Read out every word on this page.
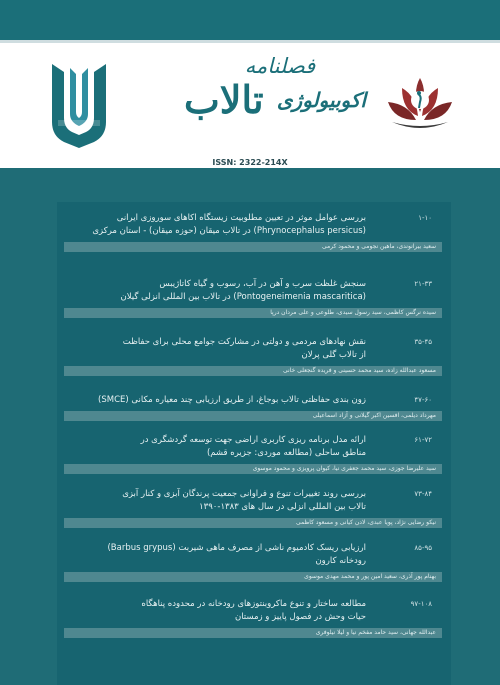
فصلنامه
$^{اکوبیولوژی}$ تالاب
ISSN: 2322-214X
۱-۱۰
بررسی عوامل موثر در تعیین مطلوبیت زیستگاه اکاهای سوروزی ایرانی
(Phrynocephalus persicus) در تالاب میقان (حوزه میقان) - استان مرکزی
سعید بیرانوندی، ماهین نجومی و محمود کرمی
۲۱-۳۳
سنجش غلظت سرب و آهن در آب، رسوب و گیاه کاتاژیبس
(Pontogeneimenia mascaritica) در تالاب بین المللی انزلی گیلان
سیده نرگس کاظمی، سید رسول سیدی، طلوعی و علی مردان درپا
۳۵-۴۵
نقش نهادهای مردمی و دولتی در مشارکت جوامع محلی برای حفاظت
از تالاب گلی پرلان
مسعود عبدالله زاده، سید محمد حسینی و فریده گنجعلی خانی
۴۷-۶۰
زون بندی حفاظتی تالاب بوجاغ، از طریق ارزیابی چند معیاره مکانی (SMCE)
مهرداد دیلمی، افسین اکبر گیلانی و آزاد اسماعیلی
۶۱-۷۲
ارائه مدل برنامه ریزی کاربری اراضی جهت توسعه گردشگری در
مناطق ساحلی (مطالعه موردی: جزیره قشم)
سید علیرضا جوزی، سید محمد جعفری نیا، کیوان پرویزی و محمود موسوی
۷۳-۸۴
بررسی روند تغییرات تنوع و فراوانی جمعیت پرندگان آبزی و کنار آبزی
تالاب بین المللی انزلی در سال های ۱۳۸۳-۱۳۹۰
نیکو رضایی نژاد، پویا عبدی، لادن کیانی و مسعود کاظمی
۸۵-۹۵
ارزیابی ریسک کادمیوم ناشی از مصرف ماهی شیربت (Barbus grypus)
رودخانه کارون
بهنام پور آذری، سعید امین پور و محمد مهدی موسوی
۹۷-۱۰۸
مطالعه ساختار و تنوع ماکروبنتوزهای رودخانه در محدوده پناهگاه
حیات وحش در فصول پاییز و زمستان
عبدالله جهانی، سید حامد مفخم نیا و لیلا نیلوفری
